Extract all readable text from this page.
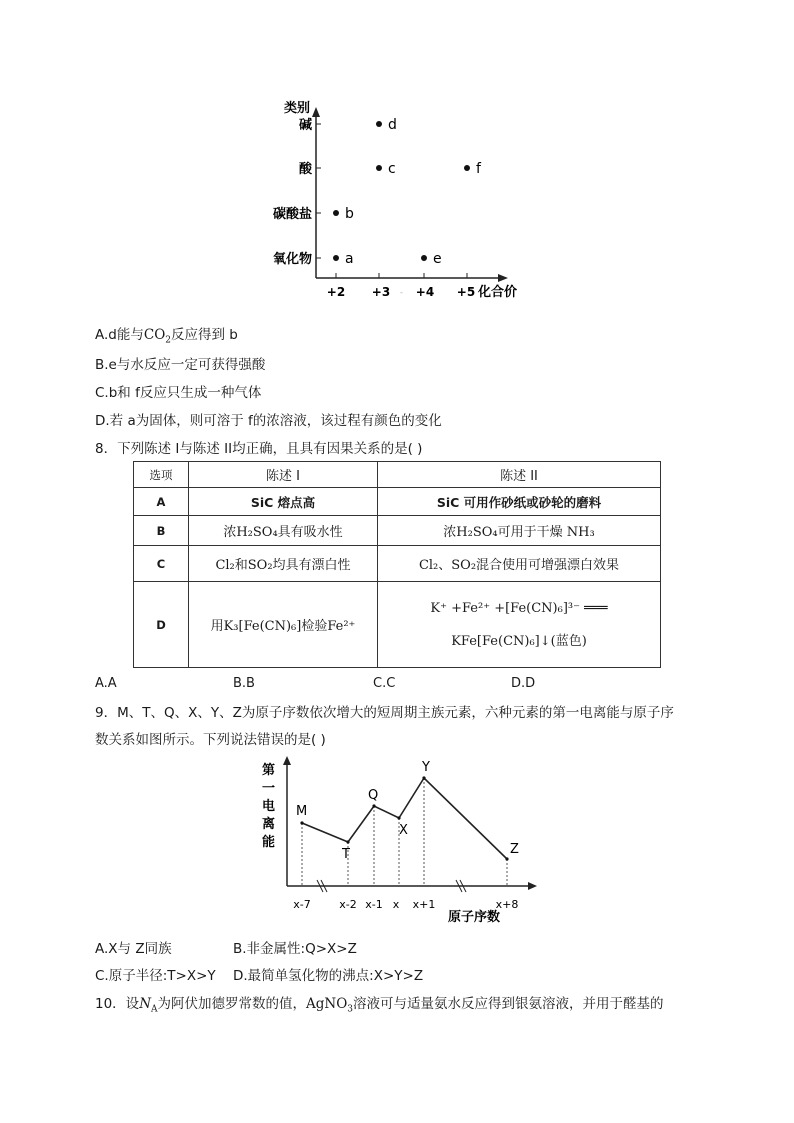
类别
碱
酸
碳酸盐
氧化物
+2 +3 +4 +5 化合价
-
d
c	f
b
a	e
A.d能与$CO_2$反应得到 b
B.e与水反应一定可获得强酸
C.b和 f反应只生成一种气体
D.若 a为固体，则可溶于 f的浓溶液，该过程有颜色的变化
8．下列陈述 I与陈述 II均正确，且具有因果关系的是( )
选项	陈述 I	陈述 II
A	SiC 熔点高	SiC 可用作砂纸或砂轮的磨料
B	浓H₂SO₄具有吸水性	浓H₂SO₄可用于干燥 NH₃
C	Cl₂和SO₂均具有漂白性	Cl₂、SO₂混合使用可增强漂白效果
D	用K₃[Fe(CN)₆]检验Fe²⁺	K⁺ +Fe²⁺ +[Fe(CN)₆]³⁻ ═══
KFe[Fe(CN)₆]↓(蓝色)
A.A	B.B	C.C	D.D
9．M、T、Q、X、Y、Z为原子序数依次增大的短周期主族元素，六种元素的第一电离能与原子序
数关系如图所示。下列说法错误的是( )
第
一
电
离
能
x-7	x-2 x-1 x x+1	x+8
原子序数
M
T
Q
X
Y
Z
A.X与 Z同族	B.非金属性:Q>X>Z
C.原子半径:T>X>Y D.最简单氢化物的沸点:X>Y>Z
10．设$N_A$为阿伏加德罗常数的值，AgNO$_3$溶液可与适量氨水反应得到银氨溶液，并用于醛基的
